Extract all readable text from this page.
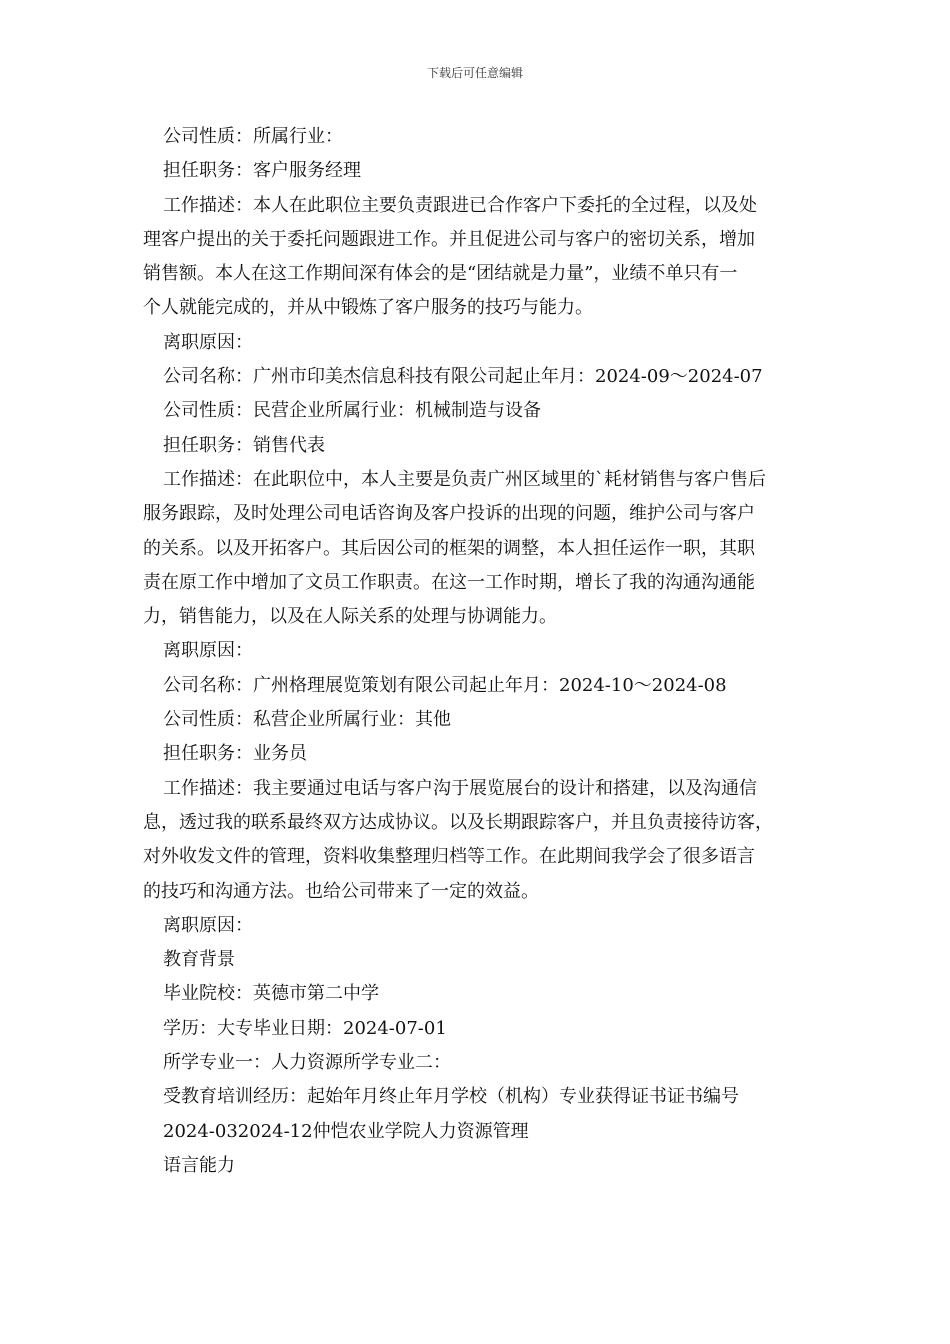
下载后可任意编辑
公司性质：所属行业：
担任职务：客户服务经理
工作描述：本人在此职位主要负责跟进已合作客户下委托的全过程，以及处
理客户提出的关于委托问题跟进工作。并且促进公司与客户的密切关系，增加
销售额。本人在这工作期间深有体会的是“团结就是力量”，业绩不单只有一
个人就能完成的，并从中锻炼了客户服务的技巧与能力。
离职原因：
公司名称：广州市印美杰信息科技有限公司起止年月：2024-09～2024-07
公司性质：民营企业所属行业：机械制造与设备
担任职务：销售代表
工作描述：在此职位中，本人主要是负责广州区域里的`耗材销售与客户售后
服务跟踪，及时处理公司电话咨询及客户投诉的出现的问题，维护公司与客户
的关系。以及开拓客户。其后因公司的框架的调整，本人担任运作一职，其职
责在原工作中增加了文员工作职责。在这一工作时期，增长了我的沟通沟通能
力，销售能力，以及在人际关系的处理与协调能力。
离职原因：
公司名称：广州格理展览策划有限公司起止年月：2024-10～2024-08
公司性质：私营企业所属行业：其他
担任职务：业务员
工作描述：我主要通过电话与客户沟于展览展台的设计和搭建，以及沟通信
息，透过我的联系最终双方达成协议。以及长期跟踪客户，并且负责接待访客，
对外收发文件的管理，资料收集整理归档等工作。在此期间我学会了很多语言
的技巧和沟通方法。也给公司带来了一定的效益。
离职原因：
教育背景
毕业院校：英德市第二中学
学历：大专毕业日期：2024-07-01
所学专业一：人力资源所学专业二：
受教育培训经历：起始年月终止年月学校（机构）专业获得证书证书编号
2024-032024-12仲恺农业学院人力资源管理
语言能力
